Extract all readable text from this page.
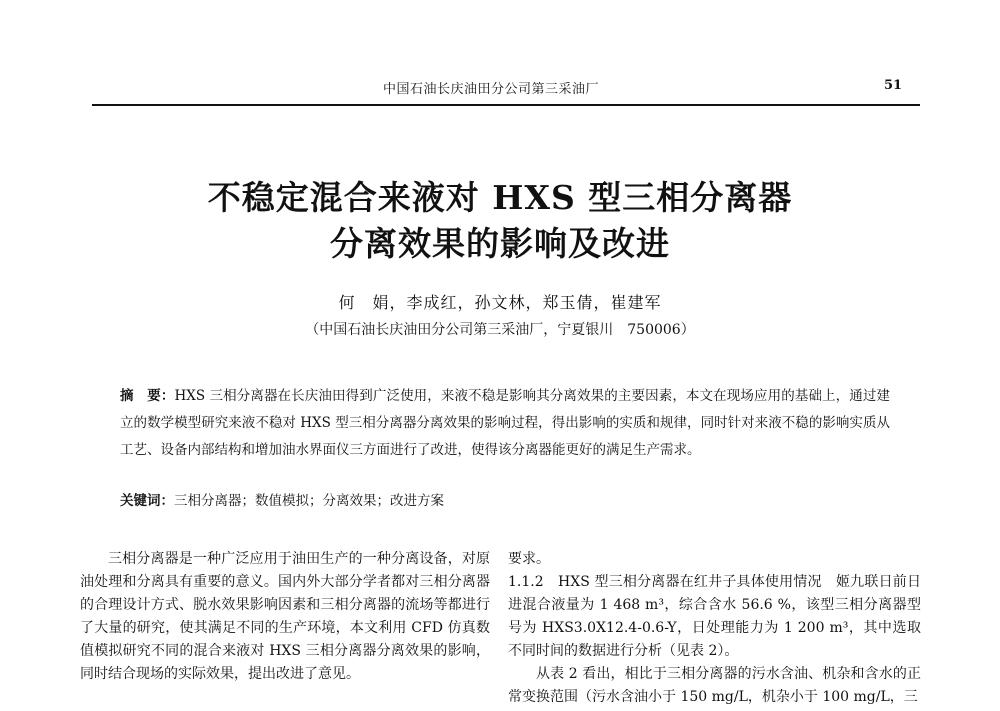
中国石油长庆油田分公司第三采油厂	51
不稳定混合来液对 HXS 型三相分离器
分离效果的影响及改进
何　娟，李成红，孙文林，郑玉倩，崔建军
（中国石油长庆油田分公司第三采油厂，宁夏银川　750006）
摘　要：HXS 三相分离器在长庆油田得到广泛使用，来液不稳是影响其分离效果的主要因素，本文在现场应用的基础上，通过建立的数学模型研究来液不稳对 HXS 型三相分离器分离效果的影响过程，得出影响的实质和规律，同时针对来液不稳的影响实质从工艺、设备内部结构和增加油水界面仪三方面进行了改进，使得该分离器能更好的满足生产需求。
关键词：三相分离器；数值模拟；分离效果；改进方案

三相分离器是一种广泛应用于油田生产的一种分离设备，对原油处理和分离具有重要的意义。国内外大部分学者都对三相分离器的合理设计方式、脱水效果影响因素和三相分离器的流场等都进行了大量的研究，使其满足不同的生产环境，本文利用 CFD 仿真数值模拟研究不同的混合来液对 HXS 三相分离器分离效果的影响，同时结合现场的实际效果，提出改进了意见。

要求。

1.1.2　HXS 型三相分离器在红井子具体使用情况　姬九联日前日进混合液量为 1 468 m³，综合含水 56.6 %，该型三相分离器型号为 HXS3.0X12.4-0.6-Y，日处理能力为 1 200 m³，其中选取不同时间的数据进行分析（见表 2）。

从表 2 看出，相比于三相分离器的污水含油、机杂和含水的正常变换范围（污水含油小于 150 mg/L，机杂小于 100 mg/L，三
